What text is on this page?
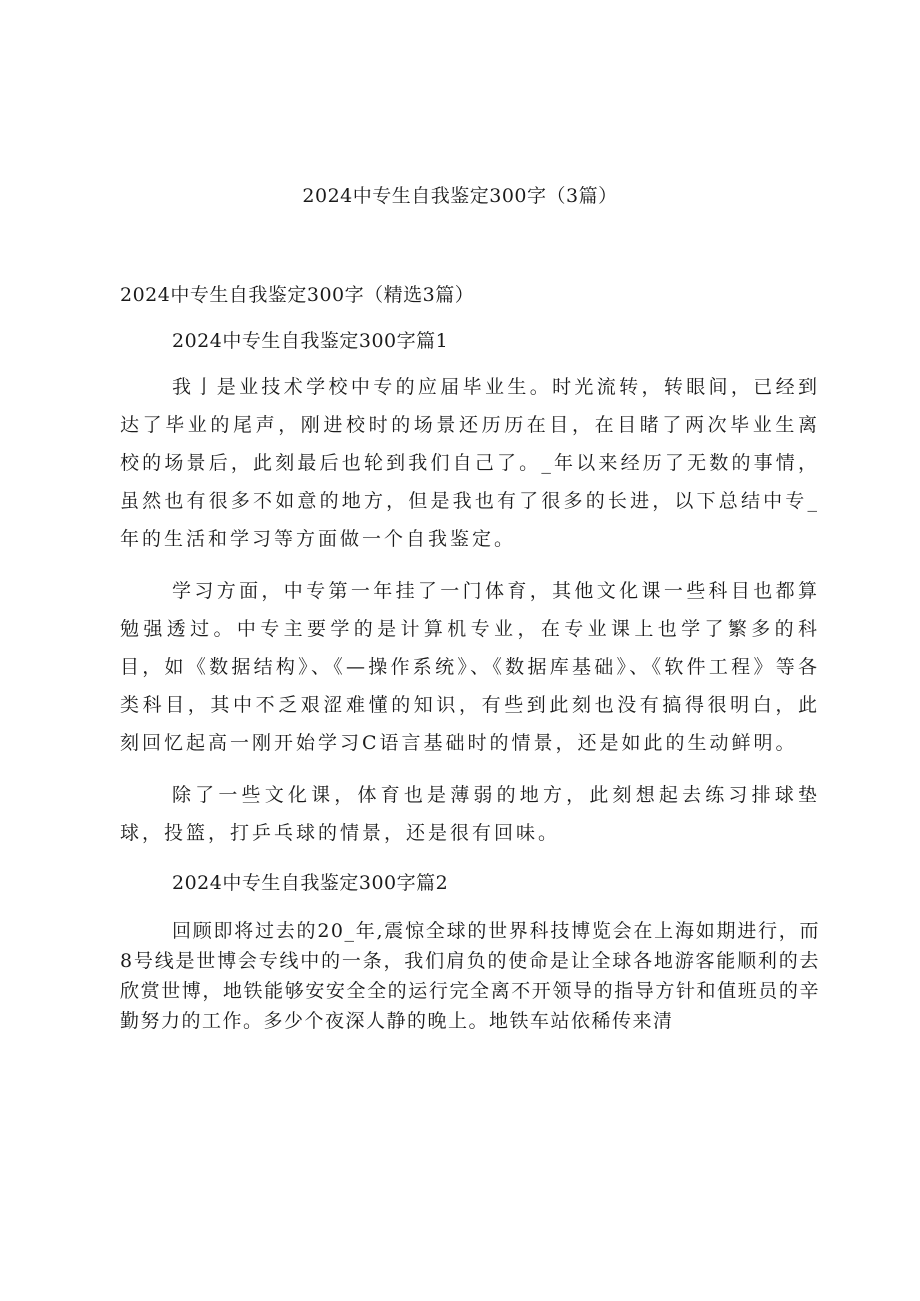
2024中专生自我鉴定300字（3篇）

2024中专生自我鉴定300字（精选3篇）

2024中专生自我鉴定300字篇1

我亅是业技术学校中专的应届毕业生。时光流转，转眼间，已经到达了毕业的尾声，刚进校时的场景还历历在目，在目睹了两次毕业生离校的场景后，此刻最后也轮到我们自己了。_年以来经历了无数的事情，虽然也有很多不如意的地方，但是我也有了很多的长进，以下总结中专_年的生活和学习等方面做一个自我鉴定。

学习方面，中专第一年挂了一门体育，其他文化课一些科目也都算勉强透过。中专主要学的是计算机专业，在专业课上也学了繁多的科目，如《数据结构》、《—操作系统》、《数据库基础》、《软件工程》等各类科目，其中不乏艰涩难懂的知识，有些到此刻也没有搞得很明白，此刻回忆起高一刚开始学习C语言基础时的情景，还是如此的生动鲜明。

除了一些文化课，体育也是薄弱的地方，此刻想起去练习排球垫球，投篮，打乒乓球的情景，还是很有回味。

2024中专生自我鉴定300字篇2

回顾即将过去的20_年,震惊全球的世界科技博览会在上海如期进行，而8号线是世博会专线中的一条，我们肩负的使命是让全球各地游客能顺利的去欣赏世博，地铁能够安安全全的运行完全离不开领导的指导方针和值班员的辛勤努力的工作。多少个夜深人静的晚上。地铁车站依稀传来清
